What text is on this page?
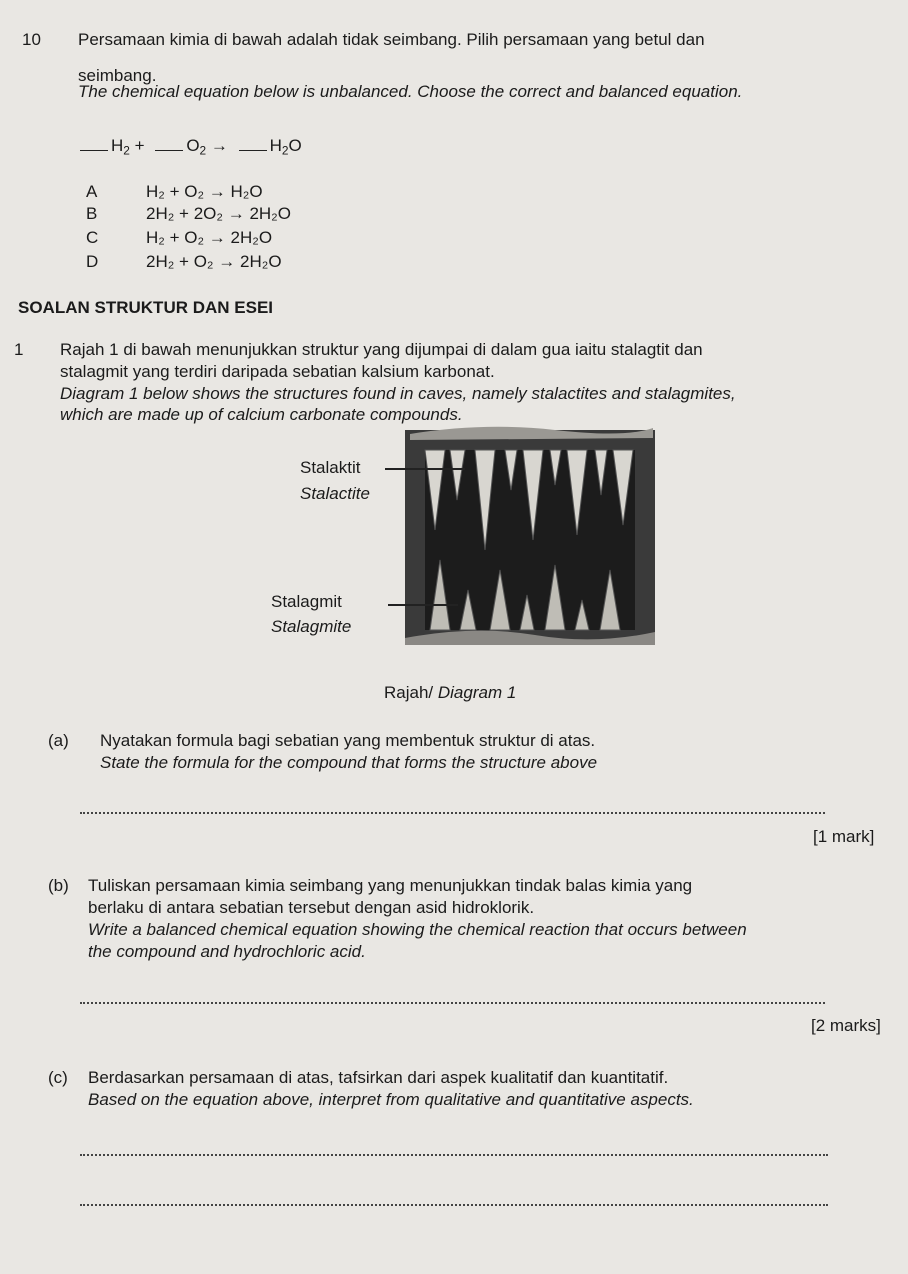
10 Persamaan kimia di bawah adalah tidak seimbang. Pilih persamaan yang betul dan
seimbang.
The chemical equation below is unbalanced. Choose the correct and balanced equation.
$H_2 + O_2 \to H_2O$
A	H₂ + O₂ → H₂O
B	2H₂ + 2O₂ → 2H₂O
C	H₂ + O₂ → 2H₂O
D	2H₂ + O₂ → 2H₂O
SOALAN STRUKTUR DAN ESEI
1 Rajah 1 di bawah menunjukkan struktur yang dijumpai di dalam gua iaitu stalagtit dan
stalagmit yang terdiri daripada sebatian kalsium karbonat.
Diagram 1 below shows the structures found in caves, namely stalactites and stalagmites,
which are made up of calcium carbonate compounds.
Stalaktit
Stalactite
Stalagmit
Stalagmite
Rajah/ Diagram 1
(a) Nyatakan formula bagi sebatian yang membentuk struktur di atas.
State the formula for the compound that forms the structure above
[1 mark]
(b) Tuliskan persamaan kimia seimbang yang menunjukkan tindak balas kimia yang
berlaku di antara sebatian tersebut dengan asid hidroklorik.
Write a balanced chemical equation showing the chemical reaction that occurs between
the compound and hydrochloric acid.
[2 marks]
(c) Berdasarkan persamaan di atas, tafsirkan dari aspek kualitatif dan kuantitatif.
Based on the equation above, interpret from qualitative and quantitative aspects.
